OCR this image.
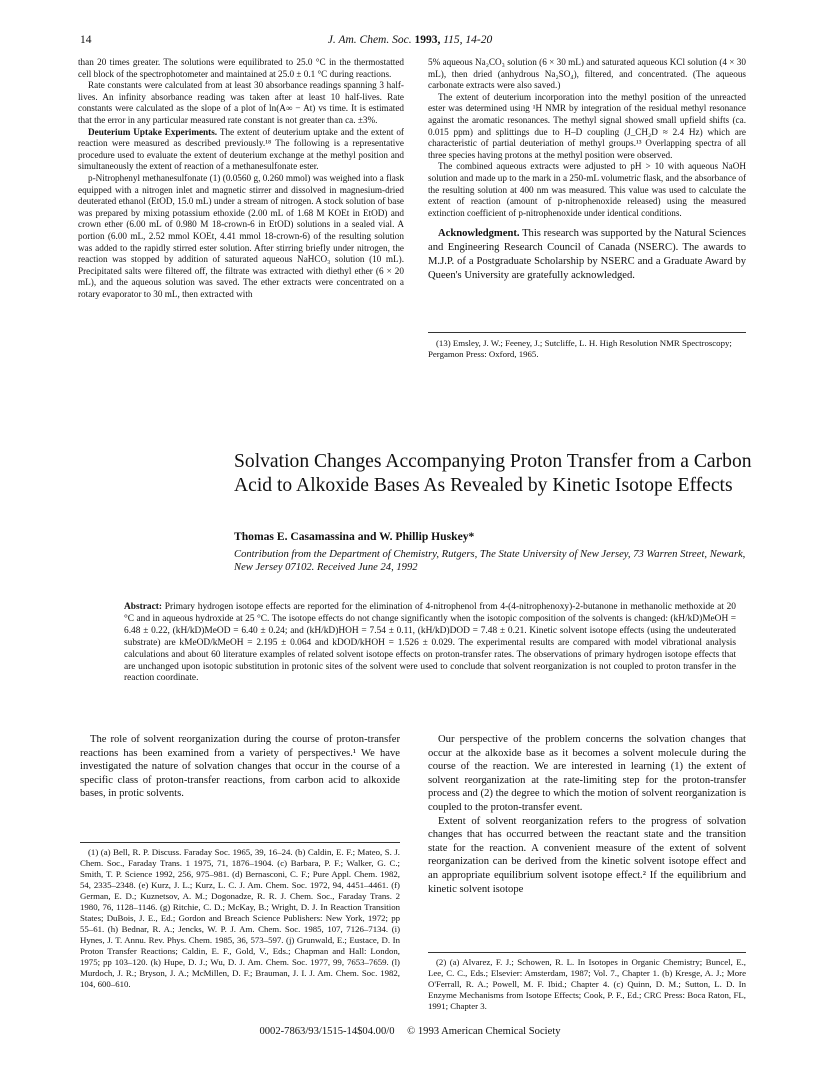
14	J. Am. Chem. Soc. 1993, 115, 14-20

than 20 times greater. The solutions were equilibrated to 25.0 °C in the thermostatted cell block of the spectrophotometer and maintained at 25.0 ± 0.1 °C during reactions.

Rate constants were calculated from at least 30 absorbance readings spanning 3 half-lives. An infinity absorbance reading was taken after at least 10 half-lives. Rate constants were calculated as the slope of a plot of ln(A∞ − At) vs time. It is estimated that the error in any particular measured rate constant is not greater than ca. ±3%.

Deuterium Uptake Experiments. The extent of deuterium uptake and the extent of reaction were measured as described previously.¹⁸ The following is a representative procedure used to evaluate the extent of deuterium exchange at the methyl position and simultaneously the extent of reaction of a methanesulfonate ester.

p-Nitrophenyl methanesulfonate (1) (0.0560 g, 0.260 mmol) was weighed into a flask equipped with a nitrogen inlet and magnetic stirrer and dissolved in magnesium-dried deuterated ethanol (EtOD, 15.0 mL) under a stream of nitrogen. A stock solution of base was prepared by mixing potassium ethoxide (2.00 mL of 1.68 M KOEt in EtOD) and crown ether (6.00 mL of 0.980 M 18-crown-6 in EtOD) solutions in a sealed vial. A portion (6.00 mL, 2.52 mmol KOEt, 4.41 mmol 18-crown-6) of the resulting solution was added to the rapidly stirred ester solution. After stirring briefly under nitrogen, the reaction was stopped by addition of saturated aqueous NaHCO₃ solution (10 mL). Precipitated salts were filtered off, the filtrate was extracted with diethyl ether (6 × 20 mL), and the aqueous solution was saved. The ether extracts were concentrated on a rotary evaporator to 30 mL, then extracted with

5% aqueous Na₂CO₃ solution (6 × 30 mL) and saturated aqueous KCl solution (4 × 30 mL), then dried (anhydrous Na₂SO₄), filtered, and concentrated. (The aqueous carbonate extracts were also saved.)

The extent of deuterium incorporation into the methyl position of the unreacted ester was determined using ¹H NMR by integration of the residual methyl resonance against the aromatic resonances. The methyl signal showed small upfield shifts (ca. 0.015 ppm) and splittings due to H–D coupling (J_CH₂D ≈ 2.4 Hz) which are characteristic of partial deuteriation of methyl groups.¹³ Overlapping spectra of all three species having protons at the methyl position were observed.

The combined aqueous extracts were adjusted to pH > 10 with aqueous NaOH solution and made up to the mark in a 250-mL volumetric flask, and the absorbance of the resulting solution at 400 nm was measured. This value was used to calculate the extent of reaction (amount of p-nitrophenoxide released) using the measured extinction coefficient of p-nitrophenoxide under identical conditions.

Acknowledgment. This research was supported by the Natural Sciences and Engineering Research Council of Canada (NSERC). The awards to M.J.P. of a Postgraduate Scholarship by NSERC and a Graduate Award by Queen's University are gratefully acknowledged.

(13) Emsley, J. W.; Feeney, J.; Sutcliffe, L. H. High Resolution NMR Spectroscopy; Pergamon Press: Oxford, 1965.
Solvation Changes Accompanying Proton Transfer from a Carbon Acid to Alkoxide Bases As Revealed by Kinetic Isotope Effects
Thomas E. Casamassina and W. Phillip Huskey*
Contribution from the Department of Chemistry, Rutgers, The State University of New Jersey, 73 Warren Street, Newark, New Jersey 07102. Received June 24, 1992
Abstract: Primary hydrogen isotope effects are reported for the elimination of 4-nitrophenol from 4-(4-nitrophenoxy)-2-butanone in methanolic methoxide at 20 °C and in aqueous hydroxide at 25 °C. The isotope effects do not change significantly when the isotopic composition of the solvents is changed: (kH/kD)MeOH = 6.48 ± 0.22, (kH/kD)MeOD = 6.40 ± 0.24; and (kH/kD)HOH = 7.54 ± 0.11, (kH/kD)DOD = 7.48 ± 0.21. Kinetic solvent isotope effects (using the undeuterated substrate) are kMeOD/kMeOH = 2.195 ± 0.064 and kDOD/kHOH = 1.526 ± 0.029. The experimental results are compared with model vibrational analysis calculations and about 60 literature examples of related solvent isotope effects on proton-transfer rates. The observations of primary hydrogen isotope effects that are unchanged upon isotopic substitution in protonic sites of the solvent were used to conclude that solvent reorganization is not coupled to proton transfer in the reaction coordinate.

The role of solvent reorganization during the course of proton-transfer reactions has been examined from a variety of perspectives.¹ We have investigated the nature of solvation changes that occur in the course of a specific class of proton-transfer reactions, from carbon acid to alkoxide bases, in protic solvents.

Our perspective of the problem concerns the solvation changes that occur at the alkoxide base as it becomes a solvent molecule during the course of the reaction. We are interested in learning (1) the extent of solvent reorganization at the rate-limiting step for the proton-transfer process and (2) the degree to which the motion of solvent reorganization is coupled to the proton-transfer event.

Extent of solvent reorganization refers to the progress of solvation changes that has occurred between the reactant state and the transition state for the reaction. A convenient measure of the extent of solvent reorganization can be derived from the kinetic solvent isotope effect and an appropriate equilibrium solvent isotope effect.² If the equilibrium and kinetic solvent isotope

(1) (a) Bell, R. P. Discuss. Faraday Soc. 1965, 39, 16–24. (b) Caldin, E. F.; Mateo, S. J. Chem. Soc., Faraday Trans. 1 1975, 71, 1876–1904. (c) Barbara, P. F.; Walker, G. C.; Smith, T. P. Science 1992, 256, 975–981. (d) Bernasconi, C. F.; Pure Appl. Chem. 1982, 54, 2335–2348. (e) Kurz, J. L.; Kurz, L. C. J. Am. Chem. Soc. 1972, 94, 4451–4461. (f) German, E. D.; Kuznetsov, A. M.; Dogonadze, R. R. J. Chem. Soc., Faraday Trans. 2 1980, 76, 1128–1146. (g) Ritchie, C. D.; McKay, B.; Wright, D. J. In Reaction Transition States; DuBois, J. E., Ed.; Gordon and Breach Science Publishers: New York, 1972; pp 55–61. (h) Bednar, R. A.; Jencks, W. P. J. Am. Chem. Soc. 1985, 107, 7126–7134. (i) Hynes, J. T. Annu. Rev. Phys. Chem. 1985, 36, 573–597. (j) Grunwald, E.; Eustace, D. In Proton Transfer Reactions; Caldin, E. F., Gold, V., Eds.; Chapman and Hall: London, 1975; pp 103–120. (k) Hupe, D. J.; Wu, D. J. Am. Chem. Soc. 1977, 99, 7653–7659. (l) Murdoch, J. R.; Bryson, J. A.; McMillen, D. F.; Brauman, J. I. J. Am. Chem. Soc. 1982, 104, 600–610.
(2) (a) Alvarez, F. J.; Schowen, R. L. In Isotopes in Organic Chemistry; Buncel, E., Lee, C. C., Eds.; Elsevier: Amsterdam, 1987; Vol. 7., Chapter 1. (b) Kresge, A. J.; More O'Ferrall, R. A.; Powell, M. F. Ibid.; Chapter 4. (c) Quinn, D. M.; Sutton, L. D. In Enzyme Mechanisms from Isotope Effects; Cook, P. F., Ed.; CRC Press: Boca Raton, FL, 1991; Chapter 3.
0002-7863/93/1515-14$04.00/0 © 1993 American Chemical Society
